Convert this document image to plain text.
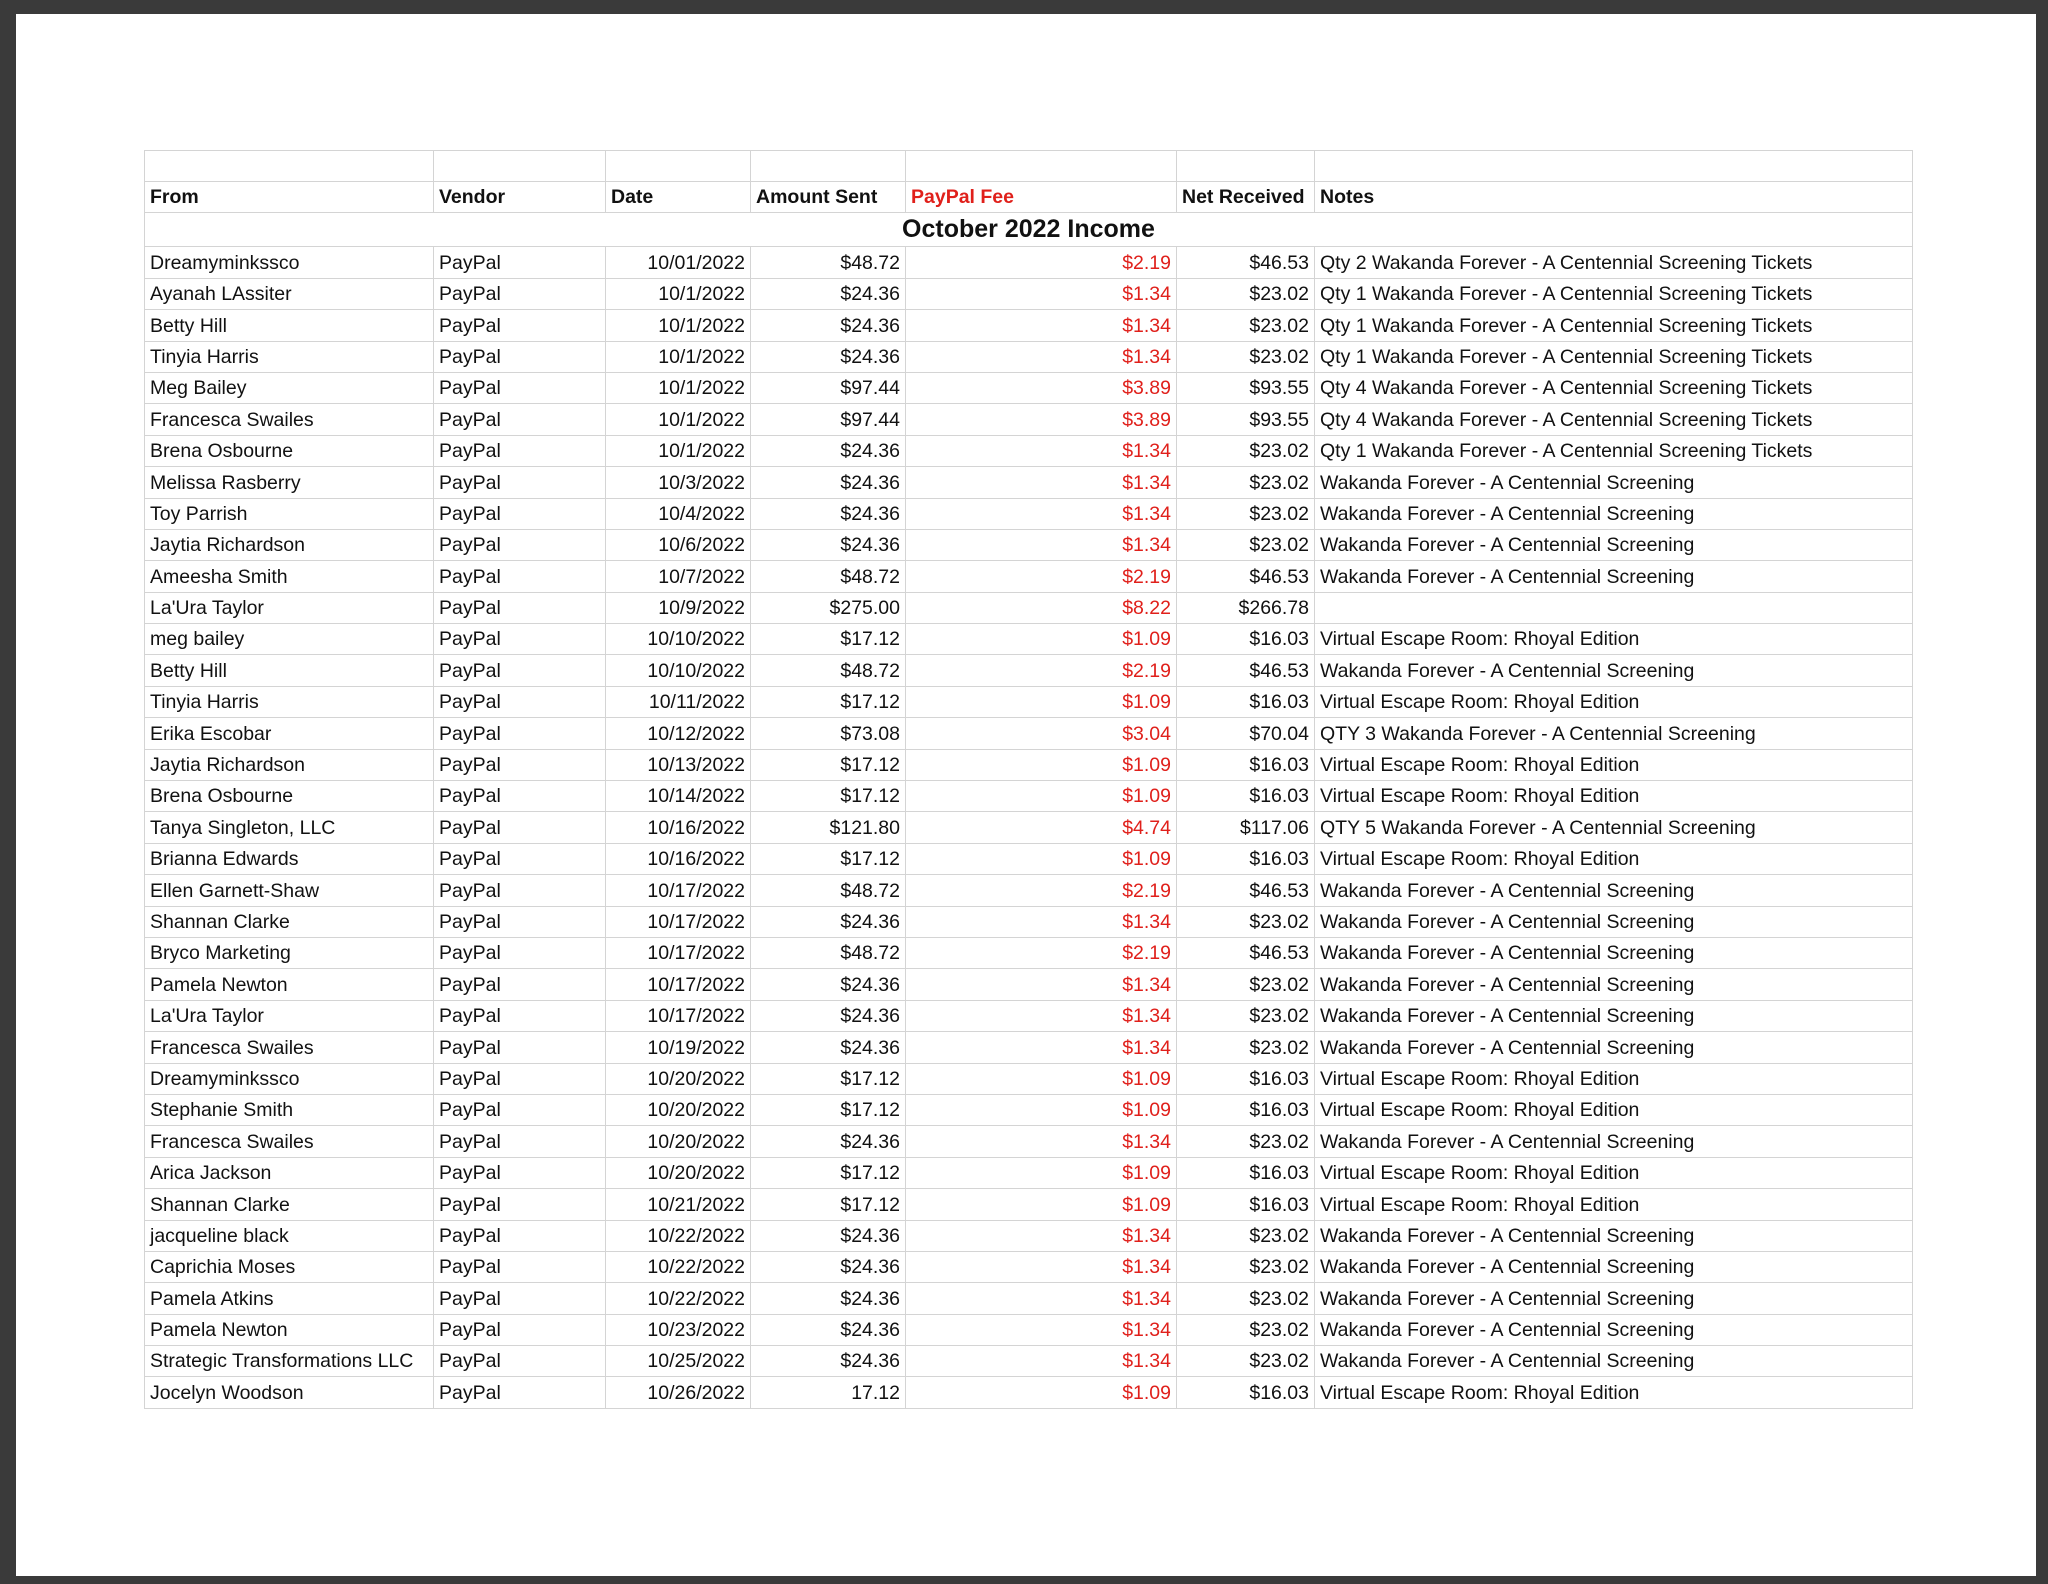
From	Vendor	Date	Amount Sent	PayPal Fee	Net Received	Notes
October 2022 Income						
Dreamyminkssco	PayPal	10/01/2022	$48.72	$2.19	$46.53	Qty 2 Wakanda Forever - A Centennial Screening Tickets
Ayanah LAssiter	PayPal	10/1/2022	$24.36	$1.34	$23.02	Qty 1 Wakanda Forever - A Centennial Screening Tickets
Betty Hill	PayPal	10/1/2022	$24.36	$1.34	$23.02	Qty 1 Wakanda Forever - A Centennial Screening Tickets
Tinyia Harris	PayPal	10/1/2022	$24.36	$1.34	$23.02	Qty 1 Wakanda Forever - A Centennial Screening Tickets
Meg Bailey	PayPal	10/1/2022	$97.44	$3.89	$93.55	Qty 4 Wakanda Forever - A Centennial Screening Tickets
Francesca Swailes	PayPal	10/1/2022	$97.44	$3.89	$93.55	Qty 4 Wakanda Forever - A Centennial Screening Tickets
Brena Osbourne	PayPal	10/1/2022	$24.36	$1.34	$23.02	Qty 1 Wakanda Forever - A Centennial Screening Tickets
Melissa Rasberry	PayPal	10/3/2022	$24.36	$1.34	$23.02	Wakanda Forever - A Centennial Screening
Toy Parrish	PayPal	10/4/2022	$24.36	$1.34	$23.02	Wakanda Forever - A Centennial Screening
Jaytia Richardson	PayPal	10/6/2022	$24.36	$1.34	$23.02	Wakanda Forever - A Centennial Screening
Ameesha Smith	PayPal	10/7/2022	$48.72	$2.19	$46.53	Wakanda Forever - A Centennial Screening
La'Ura Taylor	PayPal	10/9/2022	$275.00	$8.22	$266.78	
meg bailey	PayPal	10/10/2022	$17.12	$1.09	$16.03	Virtual Escape Room: Rhoyal Edition
Betty Hill	PayPal	10/10/2022	$48.72	$2.19	$46.53	Wakanda Forever - A Centennial Screening
Tinyia Harris	PayPal	10/11/2022	$17.12	$1.09	$16.03	Virtual Escape Room: Rhoyal Edition
Erika Escobar	PayPal	10/12/2022	$73.08	$3.04	$70.04	QTY 3 Wakanda Forever - A Centennial Screening
Jaytia Richardson	PayPal	10/13/2022	$17.12	$1.09	$16.03	Virtual Escape Room: Rhoyal Edition
Brena Osbourne	PayPal	10/14/2022	$17.12	$1.09	$16.03	Virtual Escape Room: Rhoyal Edition
Tanya Singleton, LLC	PayPal	10/16/2022	$121.80	$4.74	$117.06	QTY 5 Wakanda Forever - A Centennial Screening
Brianna Edwards	PayPal	10/16/2022	$17.12	$1.09	$16.03	Virtual Escape Room: Rhoyal Edition
Ellen Garnett-Shaw	PayPal	10/17/2022	$48.72	$2.19	$46.53	Wakanda Forever - A Centennial Screening
Shannan Clarke	PayPal	10/17/2022	$24.36	$1.34	$23.02	Wakanda Forever - A Centennial Screening
Bryco Marketing	PayPal	10/17/2022	$48.72	$2.19	$46.53	Wakanda Forever - A Centennial Screening
Pamela Newton	PayPal	10/17/2022	$24.36	$1.34	$23.02	Wakanda Forever - A Centennial Screening
La'Ura Taylor	PayPal	10/17/2022	$24.36	$1.34	$23.02	Wakanda Forever - A Centennial Screening
Francesca Swailes	PayPal	10/19/2022	$24.36	$1.34	$23.02	Wakanda Forever - A Centennial Screening
Dreamyminkssco	PayPal	10/20/2022	$17.12	$1.09	$16.03	Virtual Escape Room: Rhoyal Edition
Stephanie Smith	PayPal	10/20/2022	$17.12	$1.09	$16.03	Virtual Escape Room: Rhoyal Edition
Francesca Swailes	PayPal	10/20/2022	$24.36	$1.34	$23.02	Wakanda Forever - A Centennial Screening
Arica Jackson	PayPal	10/20/2022	$17.12	$1.09	$16.03	Virtual Escape Room: Rhoyal Edition
Shannan Clarke	PayPal	10/21/2022	$17.12	$1.09	$16.03	Virtual Escape Room: Rhoyal Edition
jacqueline black	PayPal	10/22/2022	$24.36	$1.34	$23.02	Wakanda Forever - A Centennial Screening
Caprichia Moses	PayPal	10/22/2022	$24.36	$1.34	$23.02	Wakanda Forever - A Centennial Screening
Pamela Atkins	PayPal	10/22/2022	$24.36	$1.34	$23.02	Wakanda Forever - A Centennial Screening
Pamela Newton	PayPal	10/23/2022	$24.36	$1.34	$23.02	Wakanda Forever - A Centennial Screening
Strategic Transformations LLC	PayPal	10/25/2022	$24.36	$1.34	$23.02	Wakanda Forever - A Centennial Screening
Jocelyn Woodson	PayPal	10/26/2022	17.12	$1.09	$16.03	Virtual Escape Room: Rhoyal Edition
